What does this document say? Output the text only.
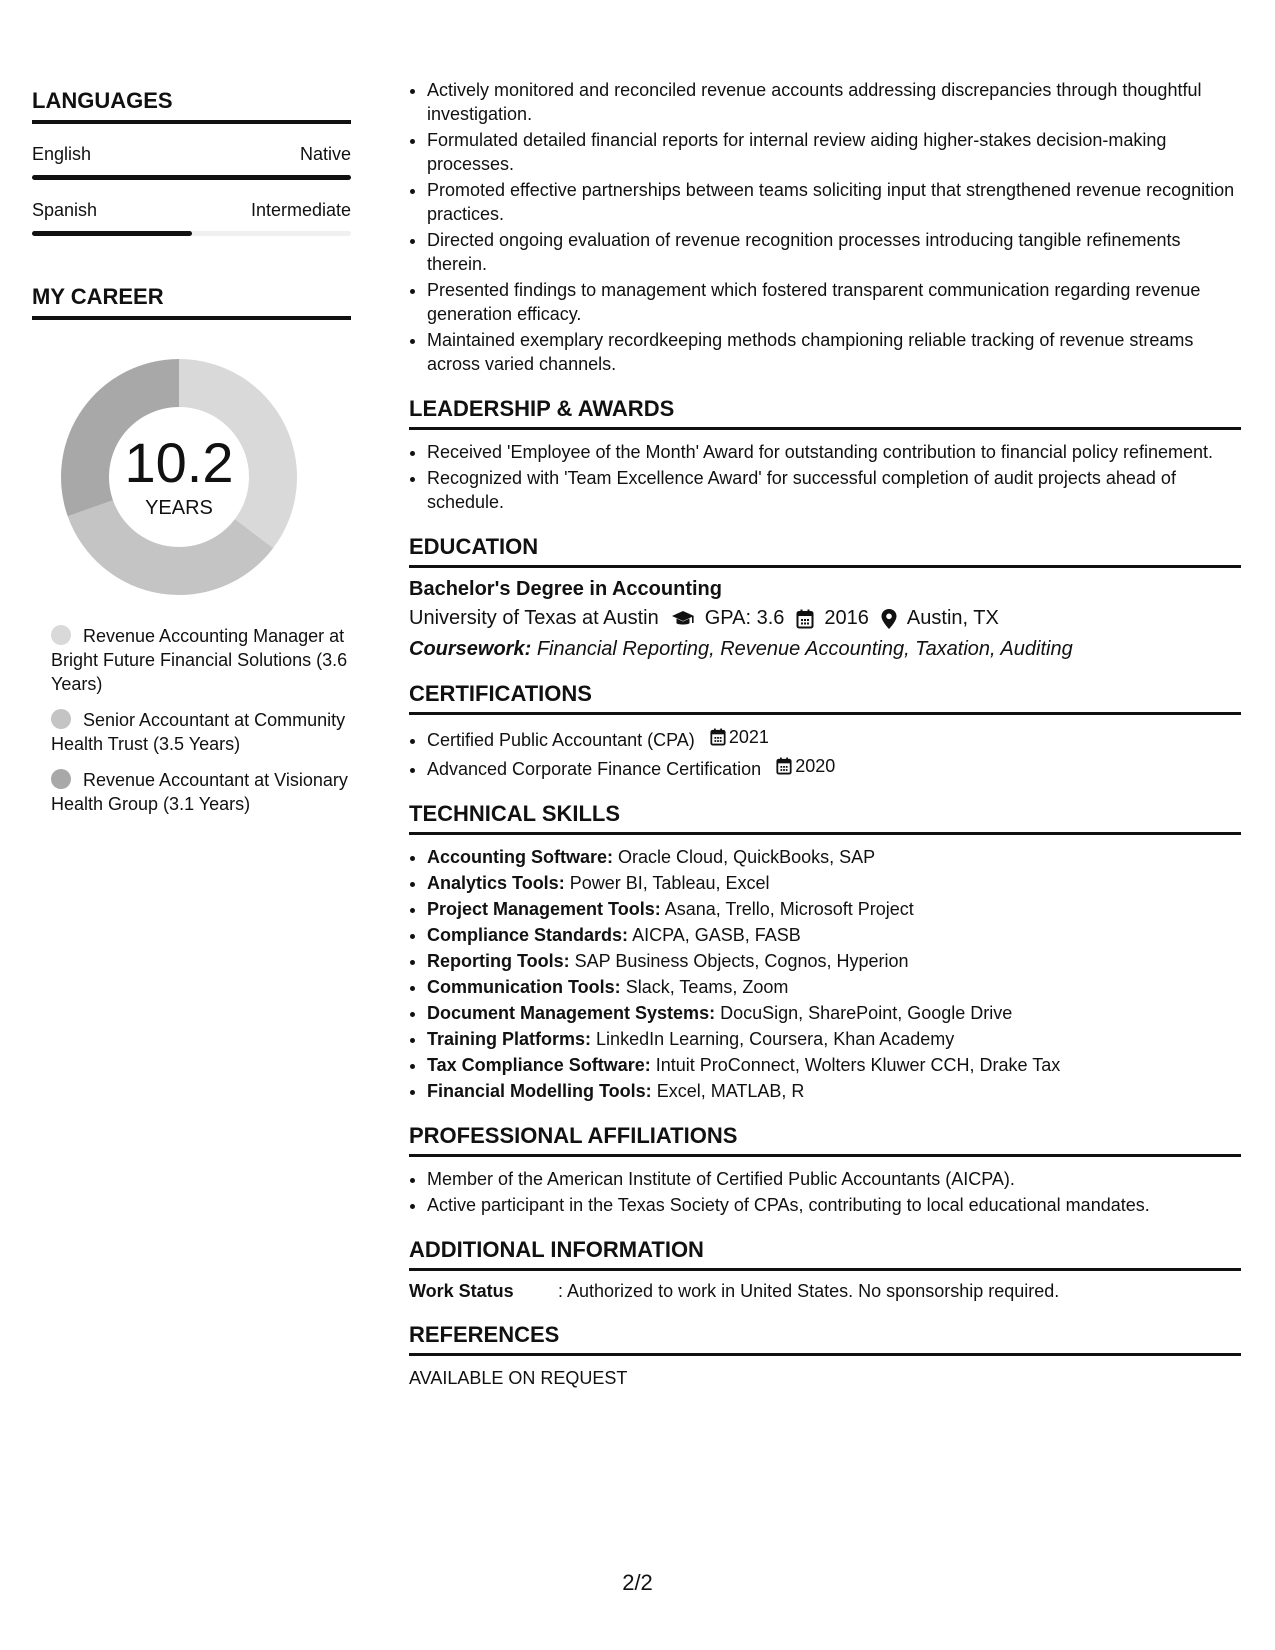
LANGUAGES
English	Native
Spanish	Intermediate
MY CAREER
10.2
YEARS
Revenue Accounting Manager at Bright Future Financial Solutions (3.6 Years)
Senior Accountant at Community Health Trust (3.5 Years)
Revenue Accountant at Visionary Health Group (3.1 Years)
• Actively monitored and reconciled revenue accounts addressing discrepancies through thoughtful investigation.
• Formulated detailed financial reports for internal review aiding higher-stakes decision-making processes.
• Promoted effective partnerships between teams soliciting input that strengthened revenue recognition practices.
• Directed ongoing evaluation of revenue recognition processes introducing tangible refinements therein.
• Presented findings to management which fostered transparent communication regarding revenue generation efficacy.
• Maintained exemplary recordkeeping methods championing reliable tracking of revenue streams across varied channels.
LEADERSHIP & AWARDS
• Received 'Employee of the Month' Award for outstanding contribution to financial policy refinement.
• Recognized with 'Team Excellence Award' for successful completion of audit projects ahead of schedule.
EDUCATION
Bachelor's Degree in Accounting
University of Texas at Austin GPA: 3.6 2016 Austin, TX
Coursework: Financial Reporting, Revenue Accounting, Taxation, Auditing
CERTIFICATIONS
• Certified Public Accountant (CPA) 2021
• Advanced Corporate Finance Certification 2020
TECHNICAL SKILLS
• Accounting Software: Oracle Cloud, QuickBooks, SAP
• Analytics Tools: Power BI, Tableau, Excel
• Project Management Tools: Asana, Trello, Microsoft Project
• Compliance Standards: AICPA, GASB, FASB
• Reporting Tools: SAP Business Objects, Cognos, Hyperion
• Communication Tools: Slack, Teams, Zoom
• Document Management Systems: DocuSign, SharePoint, Google Drive
• Training Platforms: LinkedIn Learning, Coursera, Khan Academy
• Tax Compliance Software: Intuit ProConnect, Wolters Kluwer CCH, Drake Tax
• Financial Modelling Tools: Excel, MATLAB, R
PROFESSIONAL AFFILIATIONS
• Member of the American Institute of Certified Public Accountants (AICPA).
• Active participant in the Texas Society of CPAs, contributing to local educational mandates.
ADDITIONAL INFORMATION
Work Status	: Authorized to work in United States. No sponsorship required.
REFERENCES
AVAILABLE ON REQUEST
2/2
